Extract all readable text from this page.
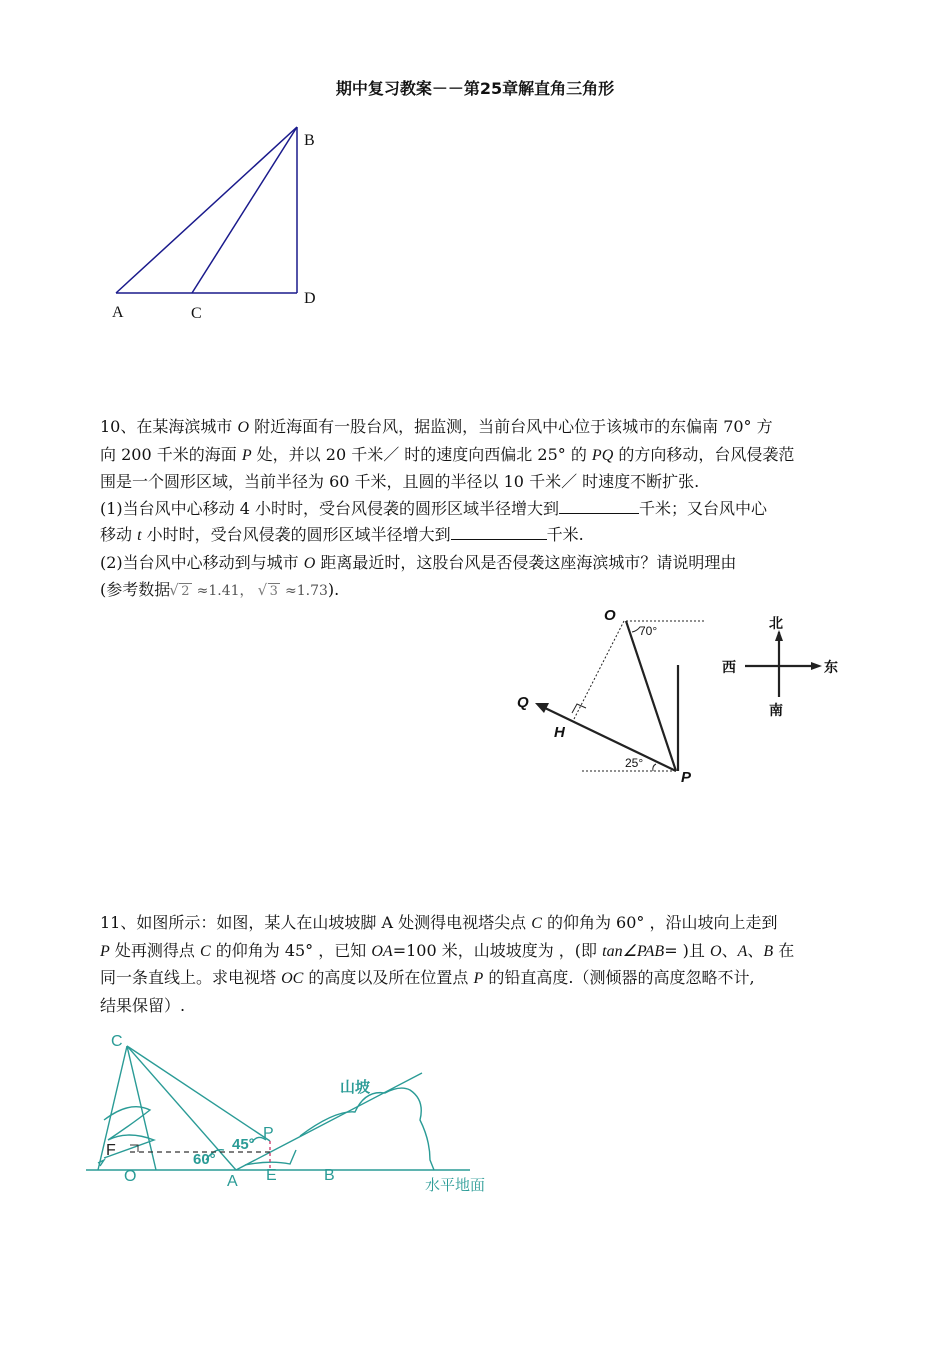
期中复习教案－－第25章解直角三角形
B
D
A	C
10、在某海滨城市 O 附近海面有一股台风，据监测，当前台风中心位于该城市的东偏南 70° 方
向 200 千米的海面 P 处，并以 20 千米／ 时的速度向西偏北 25° 的 PQ 的方向移动，台风侵袭范
围是一个圆形区域，当前半径为 60 千米，且圆的半径以 10 千米／ 时速度不断扩张.
(1)当台风中心移动 4 小时时，受台风侵袭的圆形区域半径增大到	千米；又台风中心
移动 t 小时时，受台风侵袭的圆形区域半径增大到	千米.
(2)当台风中心移动到与城市 O 距离最近时，这股台风是否侵袭这座海滨城市？请说明理由
(参考数据 √ 2 ≈1.41， √ 3 ≈1.73).
O
70°
Q
H
25°
P
北
南
西	东
11、如图所示：如图，某人在山坡坡脚 A 处测得电视塔尖点 C 的仰角为 60° ，沿山坡向上走到
P 处再测得点 C 的仰角为 45° ，已知 OA=100 米，山坡坡度为 ，(即 tan∠PAB= )且 O、A、B 在
同一条直线上。求电视塔 OC 的高度以及所在位置点 P 的铅直高度.（测倾器的高度忽略不计,
结果保留）.
C
F
O	A E	B
P
45°
60°
山坡
水平地面
